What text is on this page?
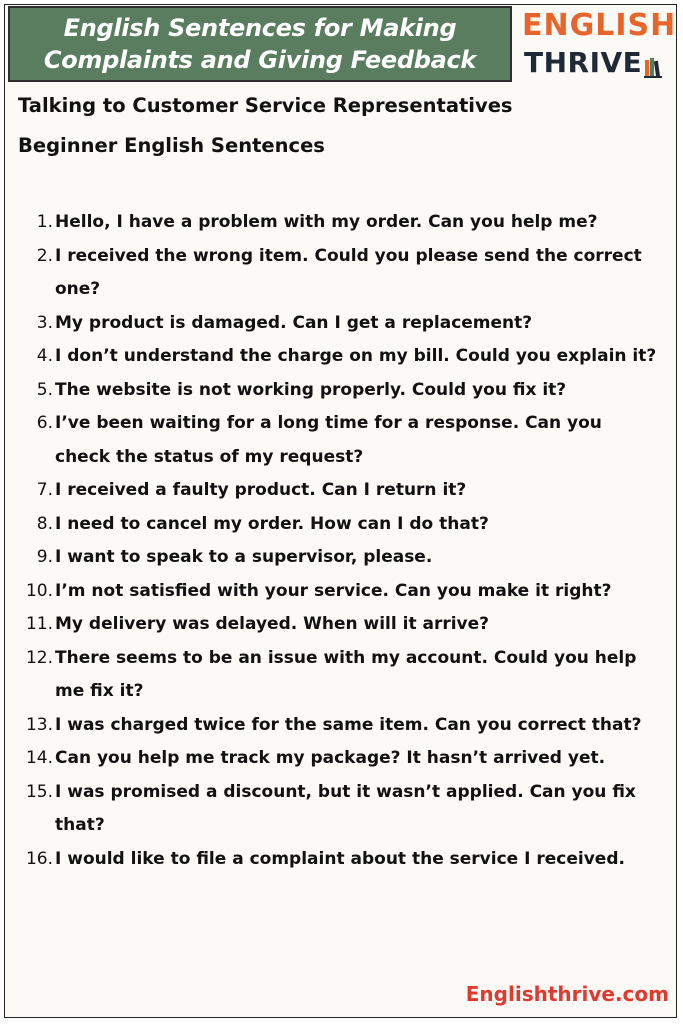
English Sentences for Making
Complaints and Giving Feedback
ENGLISH
THRIVE
Talking to Customer Service Representatives
Beginner English Sentences
1. Hello, I have a problem with my order. Can you help me?
2. I received the wrong item. Could you please send the correct one?
3. My product is damaged. Can I get a replacement?
4. I don’t understand the charge on my bill. Could you explain it?
5. The website is not working properly. Could you fix it?
6. I’ve been waiting for a long time for a response. Can you check the status of my request?
7. I received a faulty product. Can I return it?
8. I need to cancel my order. How can I do that?
9. I want to speak to a supervisor, please.
10. I’m not satisfied with your service. Can you make it right?
11. My delivery was delayed. When will it arrive?
12. There seems to be an issue with my account. Could you help me fix it?
13. I was charged twice for the same item. Can you correct that?
14. Can you help me track my package? It hasn’t arrived yet.
15. I was promised a discount, but it wasn’t applied. Can you fix that?
16. I would like to file a complaint about the service I received.
Englishthrive.com
